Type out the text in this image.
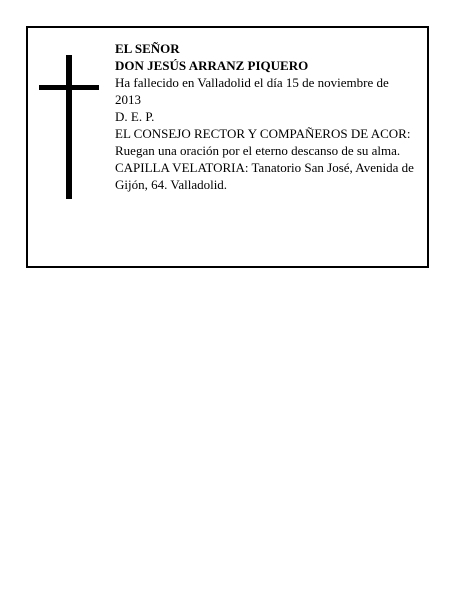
EL SEÑOR
DON JESÚS ARRANZ PIQUERO
Ha fallecido en Valladolid el día 15 de noviembre de 2013
D. E. P.
EL CONSEJO RECTOR Y COMPAÑEROS DE ACOR:
Ruegan una oración por el eterno descanso de su alma.
CAPILLA VELATORIA: Tanatorio San José, Avenida de Gijón, 64. Valladolid.
